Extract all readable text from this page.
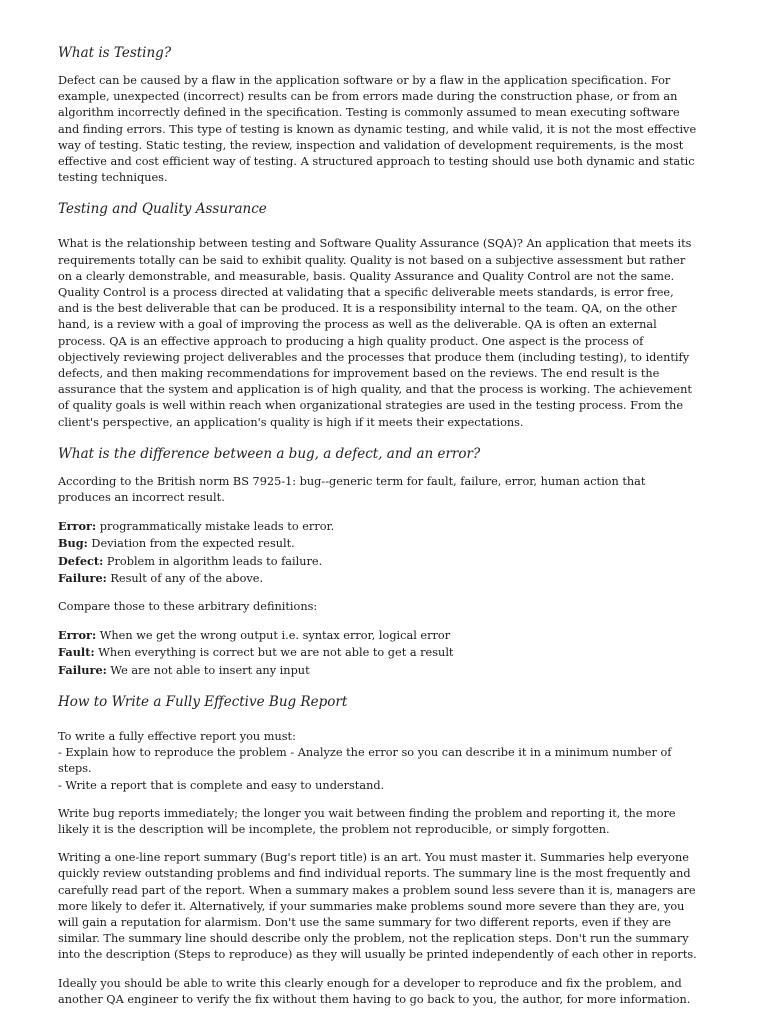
What is Testing?

Defect can be caused by a flaw in the application software or by a flaw in the application specification. For example, unexpected (incorrect) results can be from errors made during the construction phase, or from an algorithm incorrectly defined in the specification. Testing is commonly assumed to mean executing software and finding errors. This type of testing is known as dynamic testing, and while valid, it is not the most effective way of testing. Static testing, the review, inspection and validation of development requirements, is the most effective and cost efficient way of testing. A structured approach to testing should use both dynamic and static testing techniques.

Testing and Quality Assurance

What is the relationship between testing and Software Quality Assurance (SQA)? An application that meets its requirements totally can be said to exhibit quality. Quality is not based on a subjective assessment but rather on a clearly demonstrable, and measurable, basis. Quality Assurance and Quality Control are not the same. Quality Control is a process directed at validating that a specific deliverable meets standards, is error free, and is the best deliverable that can be produced. It is a responsibility internal to the team. QA, on the other hand, is a review with a goal of improving the process as well as the deliverable. QA is often an external process. QA is an effective approach to producing a high quality product. One aspect is the process of objectively reviewing project deliverables and the processes that produce them (including testing), to identify defects, and then making recommendations for improvement based on the reviews. The end result is the assurance that the system and application is of high quality, and that the process is working. The achievement of quality goals is well within reach when organizational strategies are used in the testing process. From the client's perspective, an application's quality is high if it meets their expectations.

What is the difference between a bug, a defect, and an error?

According to the British norm BS 7925-1: bug--generic term for fault, failure, error, human action that produces an incorrect result.

Error: programmatically mistake leads to error.
Bug: Deviation from the expected result.
Defect: Problem in algorithm leads to failure.
Failure: Result of any of the above.

Compare those to these arbitrary definitions:

Error: When we get the wrong output i.e. syntax error, logical error
Fault: When everything is correct but we are not able to get a result
Failure: We are not able to insert any input
How to Write a Fully Effective Bug Report

To write a fully effective report you must:

- Explain how to reproduce the problem - Analyze the error so you can describe it in a minimum number of steps.
- Write a report that is complete and easy to understand.

Write bug reports immediately; the longer you wait between finding the problem and reporting it, the more likely it is the description will be incomplete, the problem not reproducible, or simply forgotten.

Writing a one-line report summary (Bug's report title) is an art. You must master it. Summaries help everyone quickly review outstanding problems and find individual reports. The summary line is the most frequently and carefully read part of the report. When a summary makes a problem sound less severe than it is, managers are more likely to defer it. Alternatively, if your summaries make problems sound more severe than they are, you will gain a reputation for alarmism. Don't use the same summary for two different reports, even if they are similar. The summary line should describe only the problem, not the replication steps. Don't run the summary into the description (Steps to reproduce) as they will usually be printed independently of each other in reports.

Ideally you should be able to write this clearly enough for a developer to reproduce and fix the problem, and another QA engineer to verify the fix without them having to go back to you, the author, for more information.
